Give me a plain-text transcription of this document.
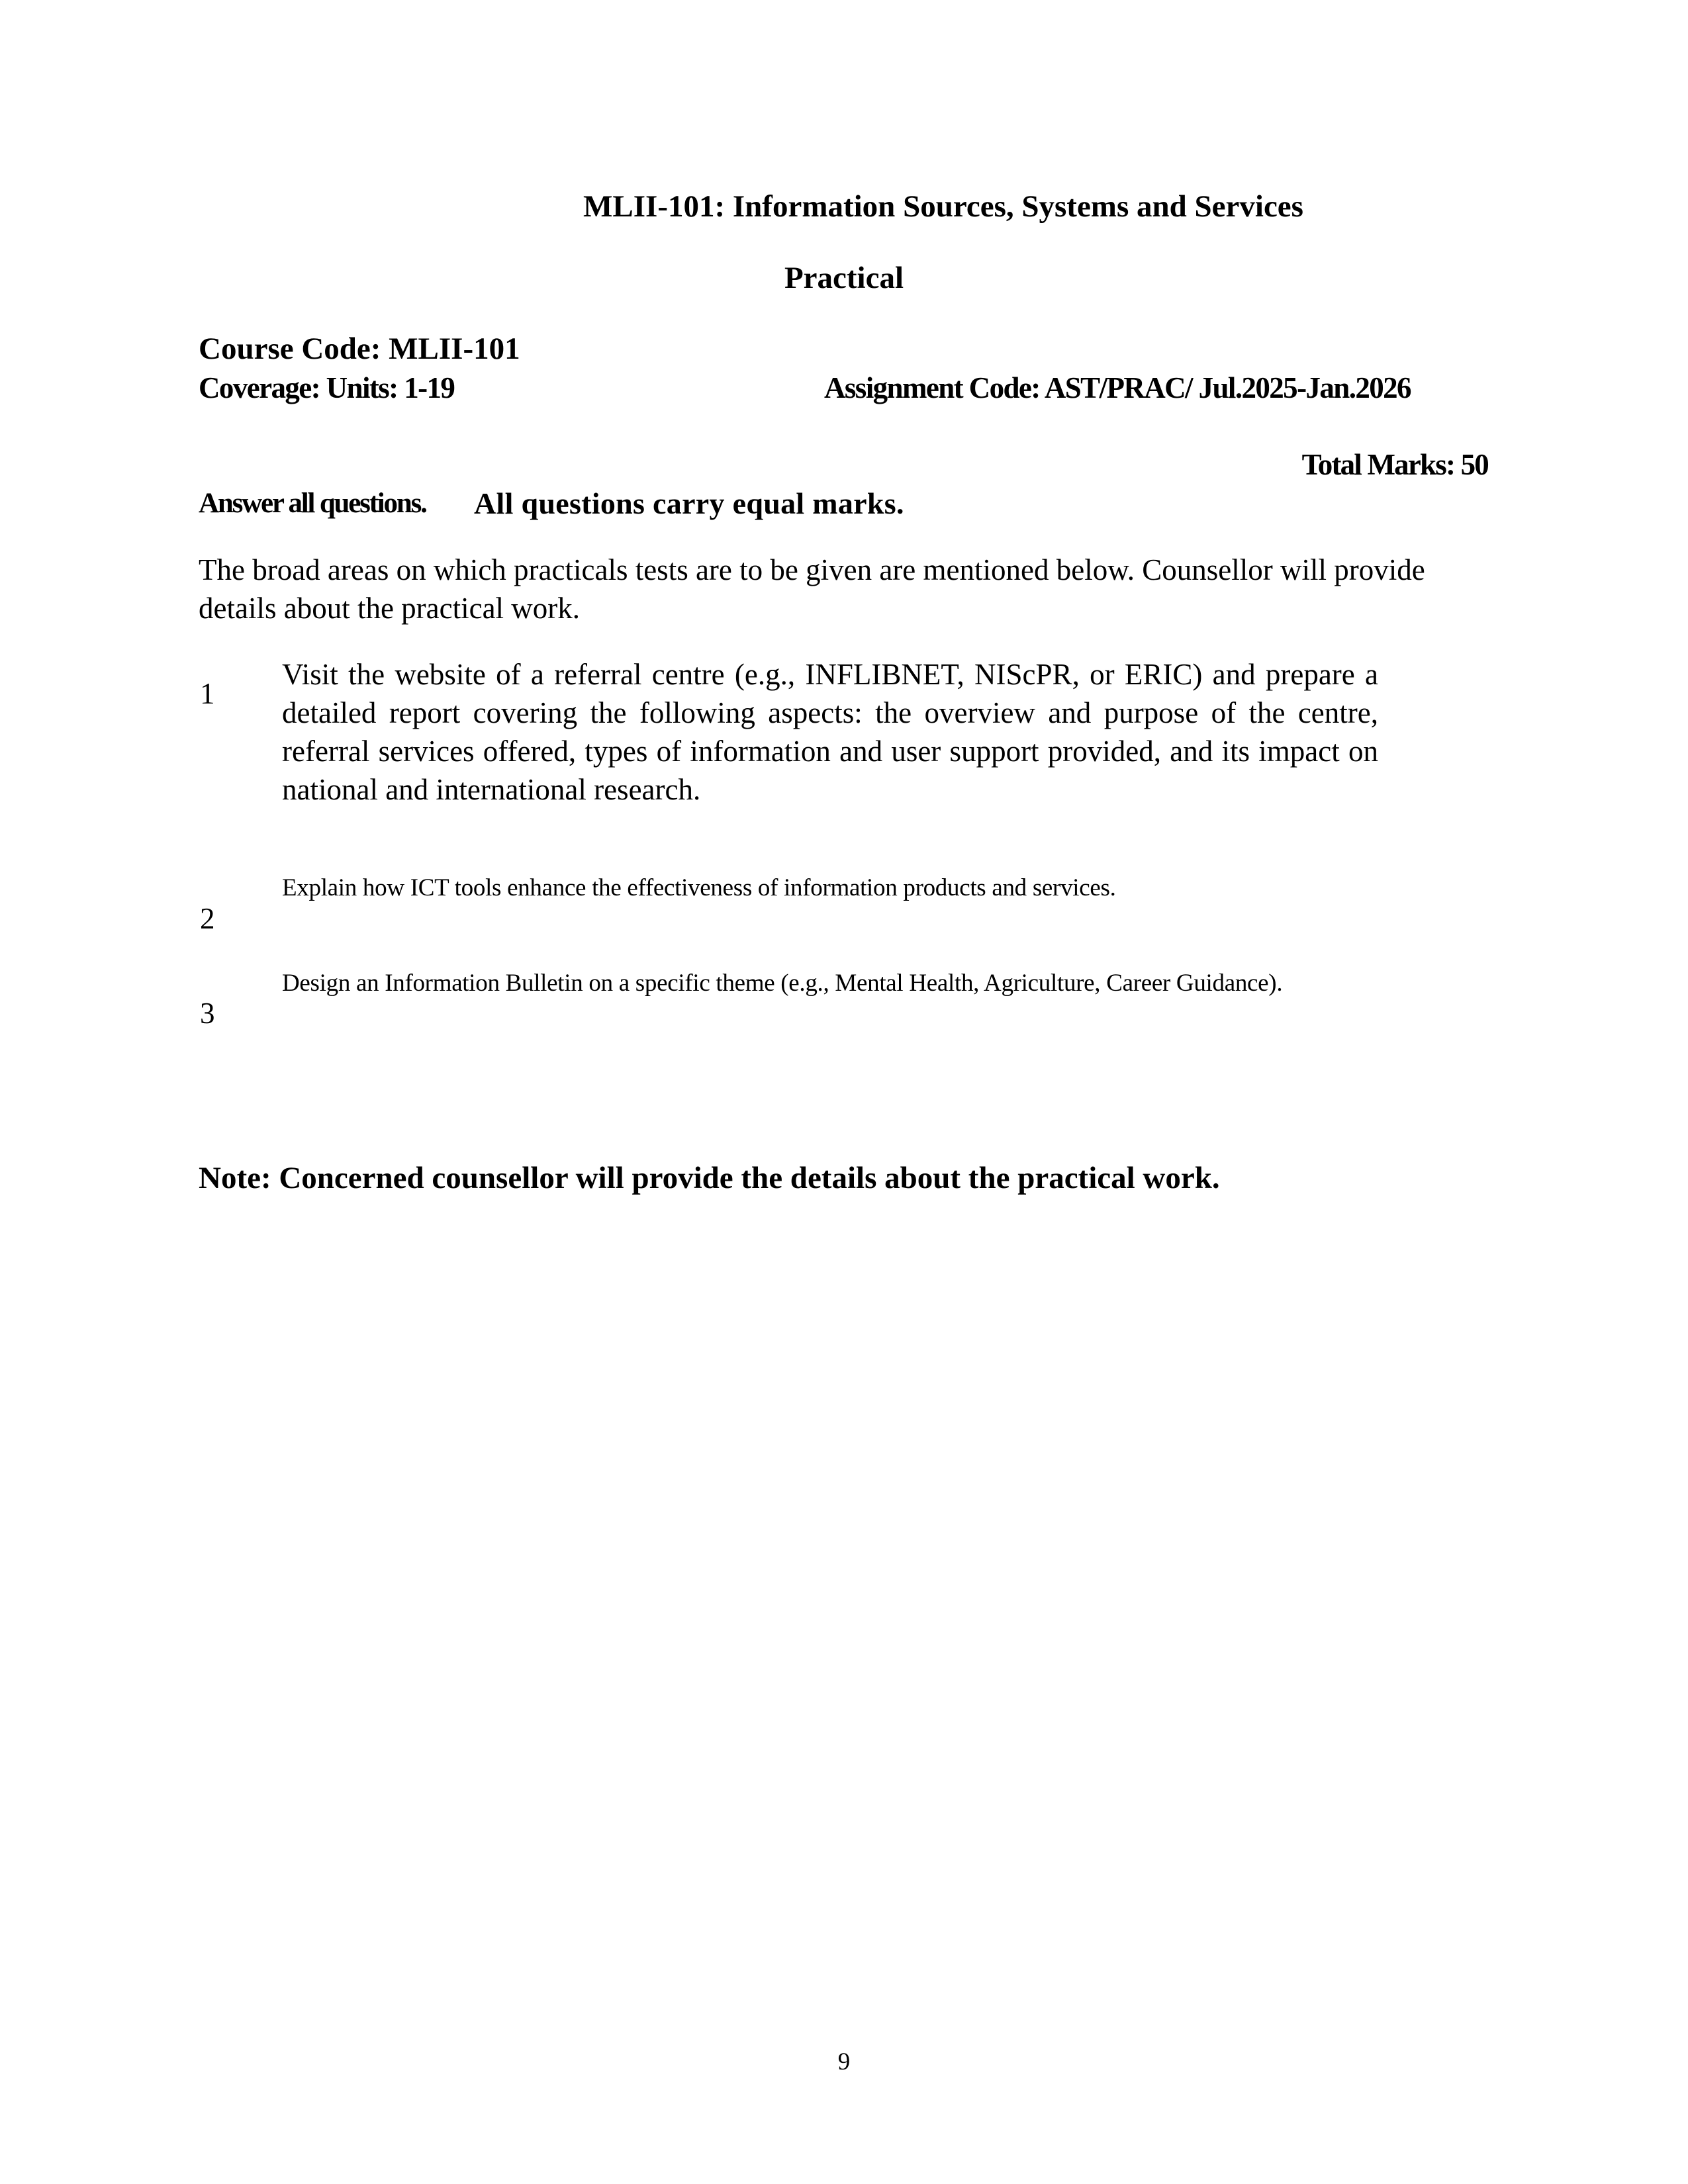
MLII-101: Information Sources, Systems and Services
Practical
Course Code: MLII-101
Coverage: Units: 1-19	Assignment Code: AST/PRAC/ Jul.2025-Jan.2026
Total Marks: 50
Answer all questions. All questions carry equal marks.
The broad areas on which practicals tests are to be given are mentioned below. Counsellor will provide details about the practical work.
1
Visit the website of a referral centre (e.g., INFLIBNET, NIScPR, or ERIC) and prepare a detailed report covering the following aspects: the overview and purpose of the centre, referral services offered, types of information and user support provided, and its impact on national and international research.
2
Explain how ICT tools enhance the effectiveness of information products and services.
3
Design an Information Bulletin on a specific theme (e.g., Mental Health, Agriculture, Career Guidance).
Note: Concerned counsellor will provide the details about the practical work.
9
